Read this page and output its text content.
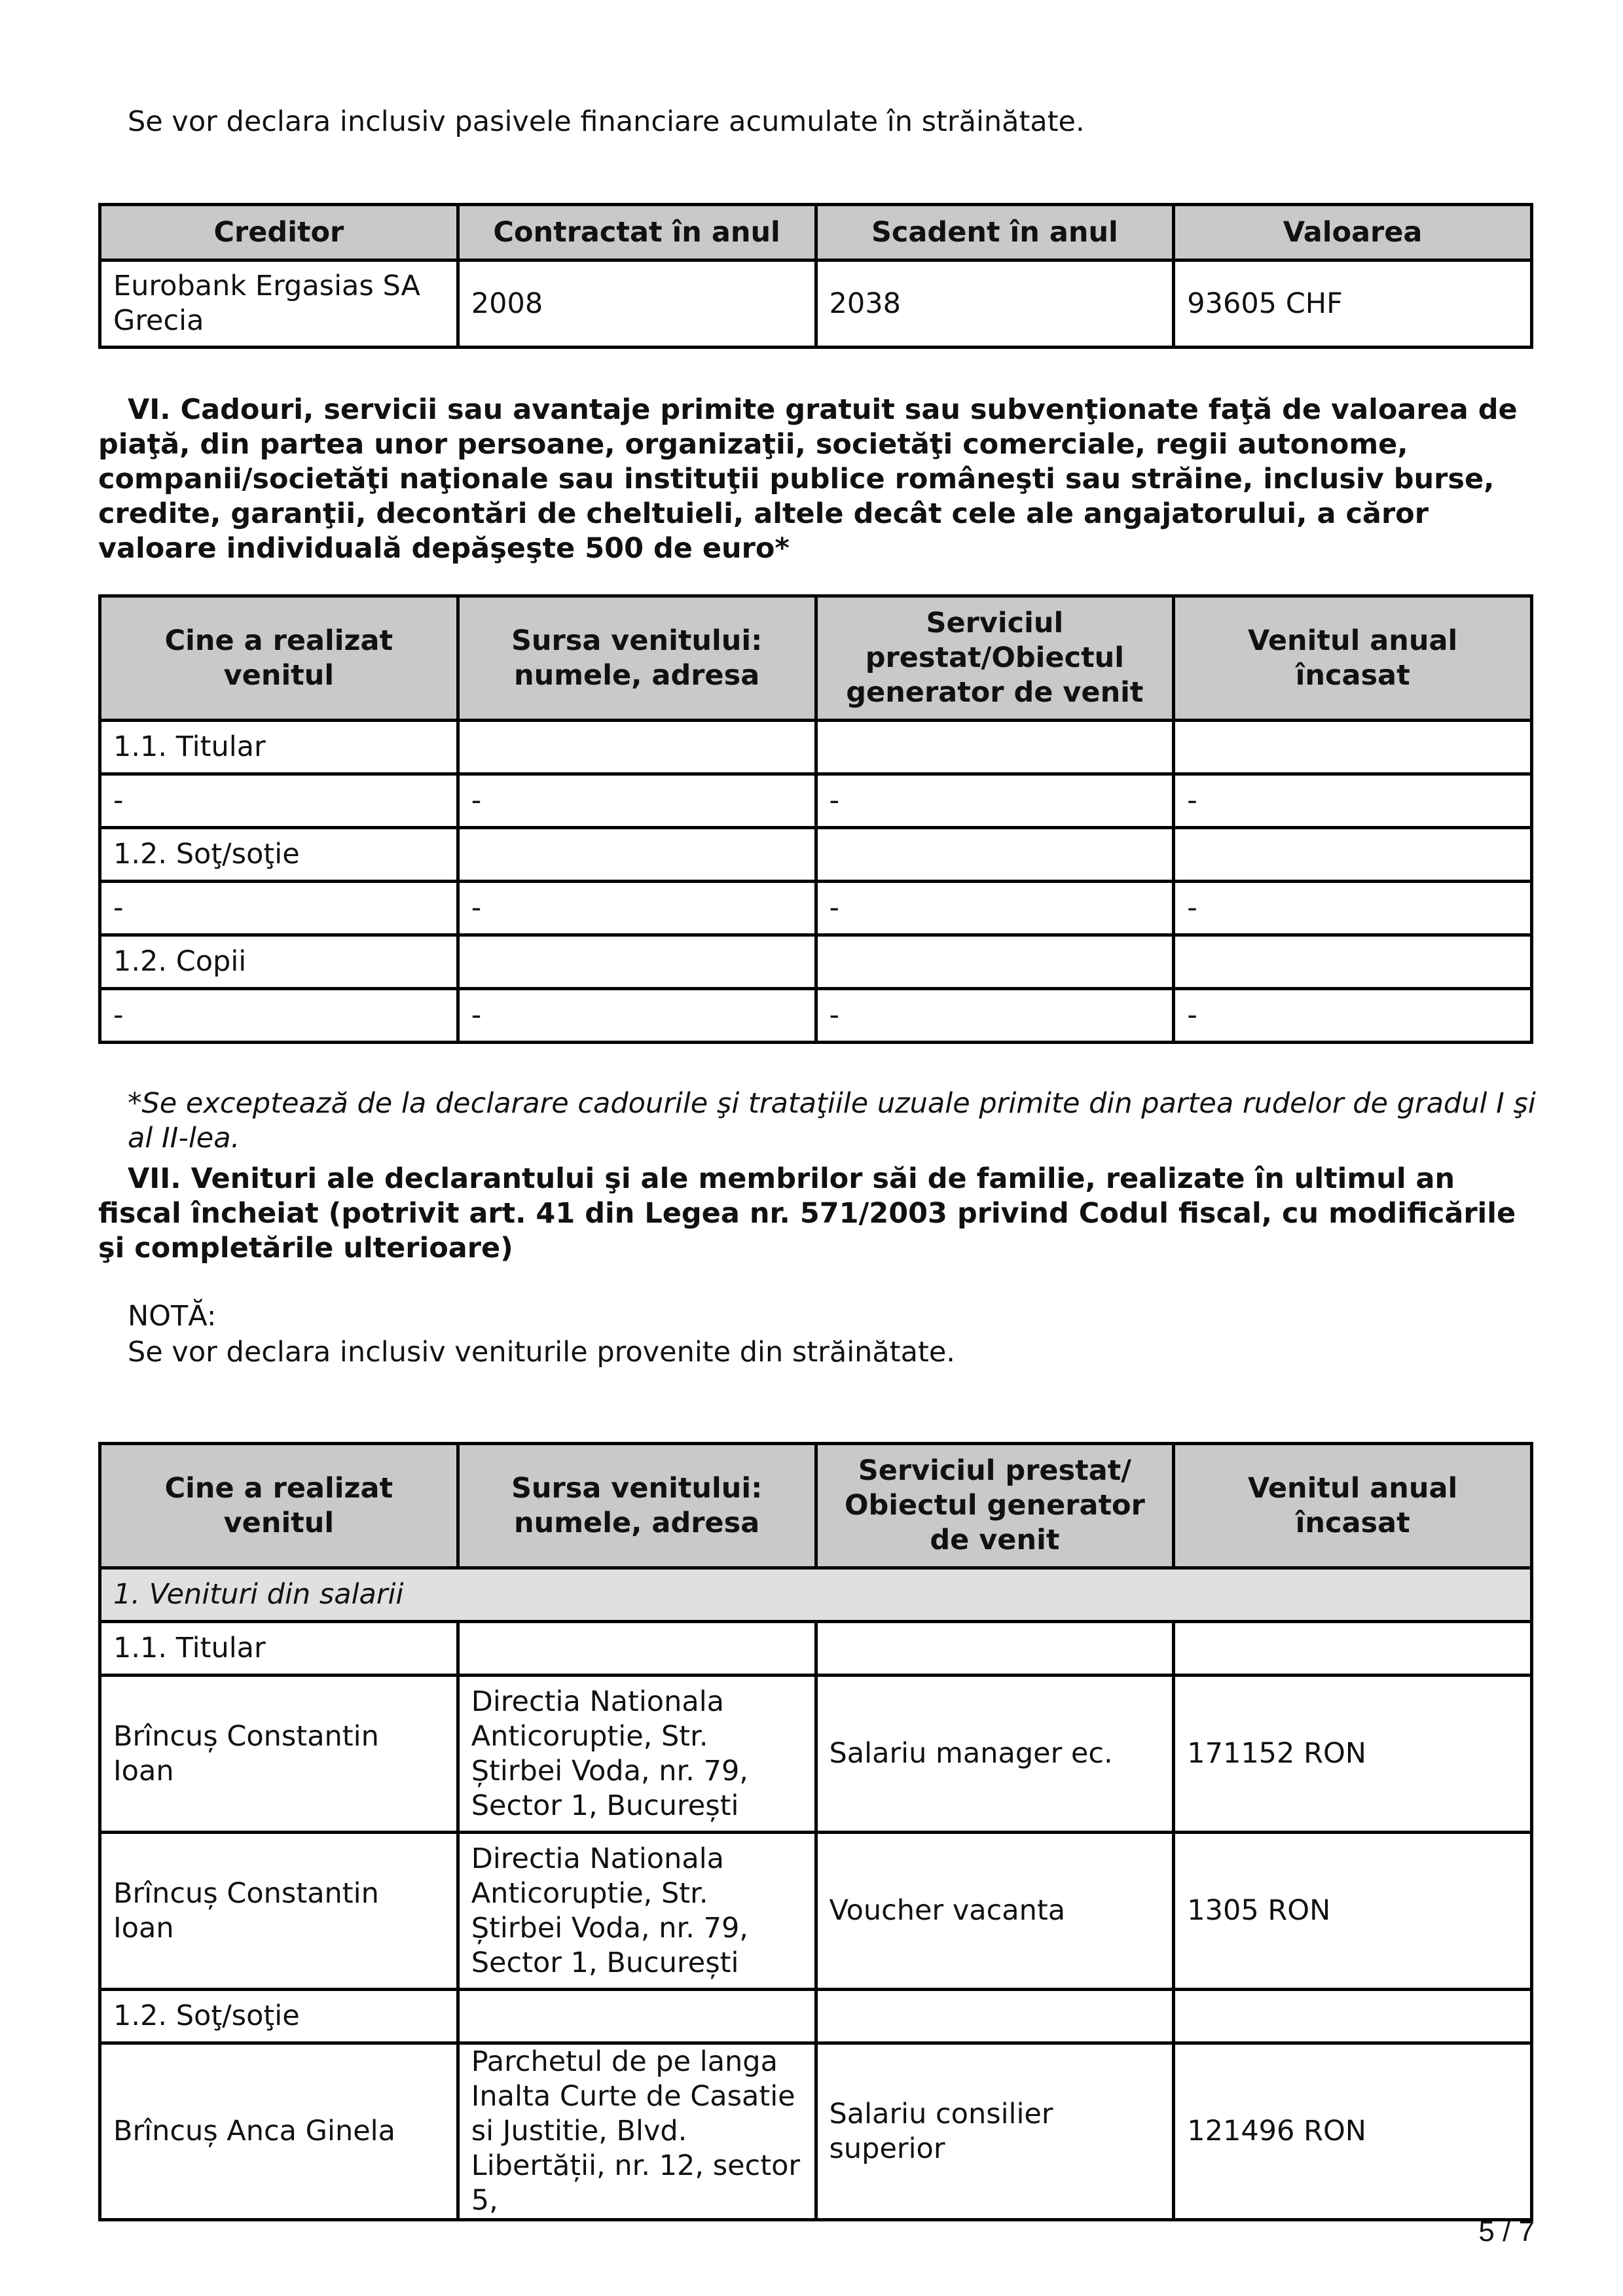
Se vor declara inclusiv pasivele financiare acumulate în străinătate.

Creditor	Contractat în anul	Scadent în anul	Valoarea
Eurobank Ergasias SA Grecia	2008	2038	93605 CHF

VI. Cadouri, servicii sau avantaje primite gratuit sau subvenţionate faţă de valoarea de piaţă, din partea unor persoane, organizaţii, societăţi comerciale, regii autonome, companii/societăţi naţionale sau instituţii publice româneşti sau străine, inclusiv burse, credite, garanţii, decontări de cheltuieli, altele decât cele ale angajatorului, a căror valoare individuală depăşeşte 500 de euro*

Cine a realizat venitul	Sursa venitului: numele, adresa	Serviciul prestat/Obiectul generator de venit	Venitul anual încasat
1.1. Titular			
-	-	-	-
1.2. Soţ/soţie			
-	-	-	-
1.2. Copii			
-	-	-	-

*Se exceptează de la declarare cadourile şi trataţiile uzuale primite din partea rudelor de gradul I şi al II-lea.

VII. Venituri ale declarantului şi ale membrilor săi de familie, realizate în ultimul an fiscal încheiat (potrivit art. 41 din Legea nr. 571/2003 privind Codul fiscal, cu modificările şi completările ulterioare)

NOTĂ:

Se vor declara inclusiv veniturile provenite din străinătate.

Cine a realizat venitul	Sursa venitului: numele, adresa	Serviciul prestat/ Obiectul generator de venit	Venitul anual încasat
1. Venituri din salarii			
1.1. Titular			
Brîncuș Constantin Ioan	Directia Nationala Anticoruptie, Str. Știrbei Voda, nr. 79, Sector 1, București	Salariu manager ec.	171152 RON
Brîncuș Constantin Ioan	Directia Nationala Anticoruptie, Str. Știrbei Voda, nr. 79, Sector 1, București	Voucher vacanta	1305 RON
1.2. Soţ/soţie			
Brîncuș Anca Ginela	Parchetul de pe langa Inalta Curte de Casatie si Justitie, Blvd. Libertății, nr. 12, sector 5,	Salariu consilier superior	121496 RON
5 / 7
